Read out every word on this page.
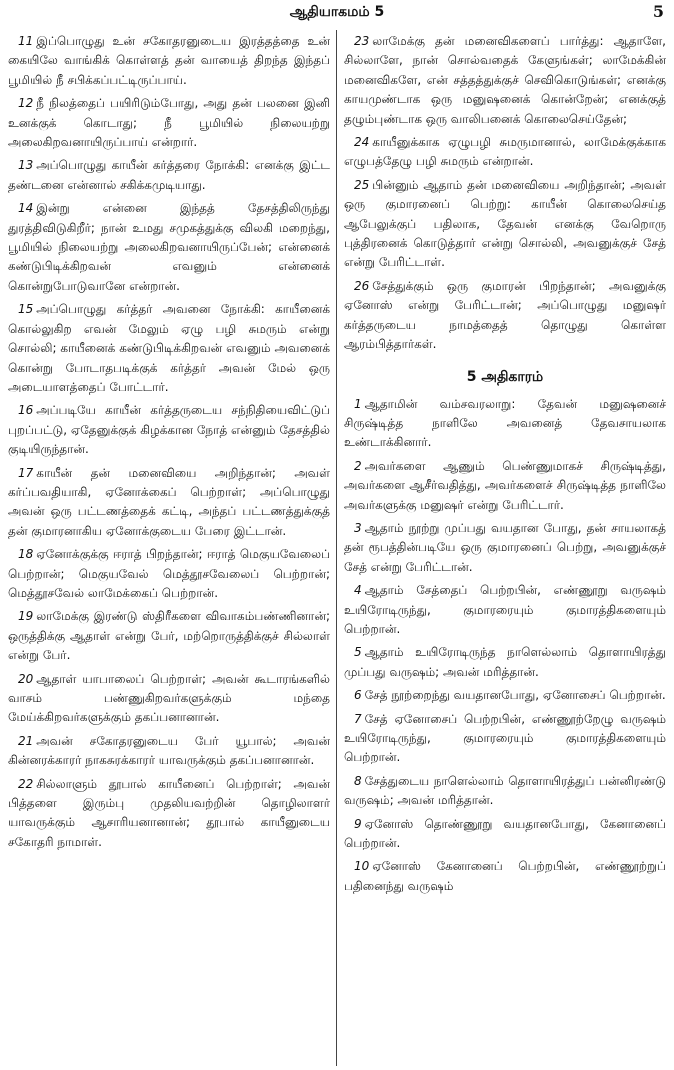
ஆதியாகமம் 5	5

11 இப்பொழுது உன் சகோதரனுடைய இரத்தத்தை உன் கையிலே வாங்கிக் கொள்ளத் தன் வாயைத் திறந்த இந்தப் பூமியில் நீ சபிக்கப்பட்டிருப்பாய்.

12 நீ நிலத்தைப் பயிரிடும்போது, அது தன் பலனை இனி உனக்குக் கொடாது; நீ பூமியில் நிலையற்று அலைகிறவனாயிருப்பாய் என்றார்.

13 அப்பொழுது காயீன் கர்த்தரை நோக்கி: எனக்கு இட்ட தண்டனை என்னால் சகிக்கமுடியாது.

14 இன்று என்னை இந்தத் தேசத்திலிருந்து துரத்திவிடுகிறீர்; நான் உமது சமுகத்துக்கு விலகி மறைந்து, பூமியில் நிலையற்று அலைகிறவனாயிருப்பேன்; என்னைக் கண்டுபிடிக்கிறவன் எவனும் என்னைக் கொன்றுபோடுவானே என்றான்.

15 அப்பொழுது கர்த்தர் அவனை நோக்கி: காயீனைக் கொல்லுகிற எவன் மேலும் ஏழு பழி சுமரும் என்று சொல்லி; காயீனைக் கண்டுபிடிக்கிறவன் எவனும் அவனைக் கொன்று போடாதபடிக்குக் கர்த்தர் அவன் மேல் ஒரு அடையாளத்தைப் போட்டார்.

16 அப்படியே காயீன் கர்த்தருடைய சந்நிதியைவிட்டுப் புறப்பட்டு, ஏதேனுக்குக் கிழக்கான நோத் என்னும் தேசத்தில் குடியிருந்தான்.

17 காயீன் தன் மனைவியை அறிந்தான்; அவள் கர்ப்பவதியாகி, ஏனோக்கைப் பெற்றாள்; அப்பொழுது அவன் ஒரு பட்டணத்தைக் கட்டி, அந்தப் பட்டணத்துக்குத் தன் குமாரனாகிய ஏனோக்குடைய பேரை இட்டான்.

18 ஏனோக்குக்கு ஈராத் பிறந்தான்; ஈராத் மெகுயவேலைப் பெற்றான்; மெகுயவேல் மெத்தூசவேலைப் பெற்றான்; மெத்தூசவேல் லாமேக்கைப் பெற்றான்.

19 லாமேக்கு இரண்டு ஸ்திரீகளை விவாகம்பண்ணினான்; ஒருத்திக்கு ஆதாள் என்று பேர், மற்றொருத்திக்குச் சில்லாள் என்று பேர்.

20 ஆதாள் யாபாலைப் பெற்றாள்; அவன் கூடாரங்களில் வாசம் பண்ணுகிறவர்களுக்கும் மந்தை மேய்க்கிறவர்களுக்கும் தகப்பனானான்.

21 அவன் சகோதரனுடைய பேர் யூபால்; அவன் கின்னரக்காரர் நாகசுரக்காரர் யாவருக்கும் தகப்பனானான்.

22 சில்லாளும் தூபால் காயீனைப் பெற்றாள்; அவன் பித்தளை இரும்பு முதலியவற்றின் தொழிலாளர் யாவருக்கும் ஆசாரியனானான்; தூபால் காயீனுடைய சகோதரி நாமாள்.

23 லாமேக்கு தன் மனைவிகளைப் பார்த்து: ஆதாளே, சில்லாளே, நான் சொல்வதைக் கேளுங்கள்; லாமேக்கின் மனைவிகளே, என் சத்தத்துக்குச் செவிகொடுங்கள்; எனக்கு காயமுண்டாக ஒரு மனுஷனைக் கொன்றேன்; எனக்குத் தழும்புண்டாக ஒரு வாலிபனைக் கொலைசெய்தேன்;

24 காயீனுக்காக ஏழுபழி சுமருமானால், லாமேக்குக்காக எழுபத்தேழு பழி சுமரும் என்றான்.

25 பின்னும் ஆதாம் தன் மனைவியை அறிந்தான்; அவள் ஒரு குமாரனைப் பெற்று: காயீன் கொலைசெய்த ஆபேலுக்குப் பதிலாக, தேவன் எனக்கு வேறொரு புத்திரனைக் கொடுத்தார் என்று சொல்லி, அவனுக்குச் சேத் என்று பேரிட்டாள்.

26 சேத்துக்கும் ஒரு குமாரன் பிறந்தான்; அவனுக்கு ஏனோஸ் என்று பேரிட்டான்; அப்பொழுது மனுஷர் கர்த்தருடைய நாமத்தைத் தொழுது கொள்ள ஆரம்பித்தார்கள்.

5 அதிகாரம்

1 ஆதாமின் வம்சவரலாறு: தேவன் மனுஷனைச் சிருஷ்டித்த நாளிலே அவனைத் தேவசாயலாக உண்டாக்கினார்.

2 அவர்களை ஆணும் பெண்ணுமாகச் சிருஷ்டித்து, அவர்களை ஆசீர்வதித்து, அவர்களைச் சிருஷ்டித்த நாளிலே அவர்களுக்கு மனுஷர் என்று பேரிட்டார்.

3 ஆதாம் நூற்று முப்பது வயதான போது, தன் சாயலாகத் தன் ரூபத்தின்படியே ஒரு குமாரனைப் பெற்று, அவனுக்குச் சேத் என்று பேரிட்டான்.

4 ஆதாம் சேத்தைப் பெற்றபின், எண்ணூறு வருஷம் உயிரோடிருந்து, குமாரரையும் குமாரத்திகளையும் பெற்றான்.

5 ஆதாம் உயிரோடிருந்த நாளெல்லாம் தொளாயிரத்து முப்பது வருஷம்; அவன் மரித்தான்.

6 சேத் நூற்றைந்து வயதானபோது, ஏனோசைப் பெற்றான்.

7 சேத் ஏனோசைப் பெற்றபின், எண்ணூற்றேழு வருஷம் உயிரோடிருந்து, குமாரரையும் குமாரத்திகளையும் பெற்றான்.

8 சேத்துடைய நாளெல்லாம் தொளாயிரத்துப் பன்னிரண்டு வருஷம்; அவன் மரித்தான்.

9 ஏனோஸ் தொண்ணூறு வயதானபோது, கேனானைப் பெற்றான்.

10 ஏனோஸ் கேனானைப் பெற்றபின், எண்ணூற்றுப் பதினைந்து வருஷம்
